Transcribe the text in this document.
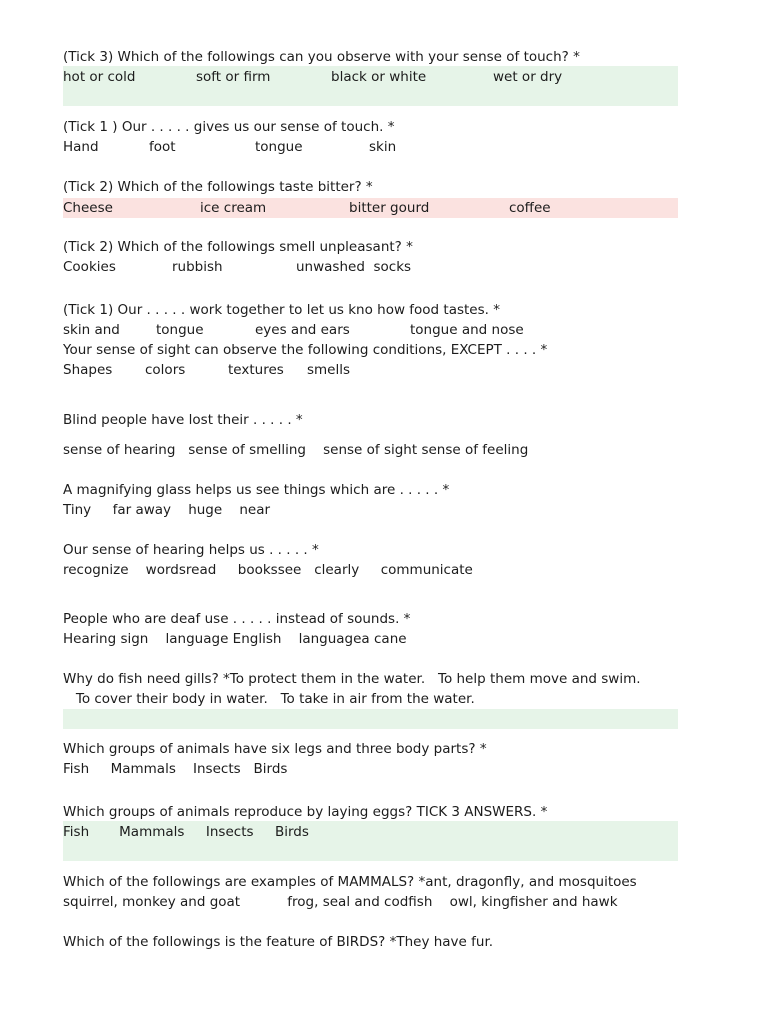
(Tick 3) Which of the followings can you observe with your sense of touch? *

hot or cold

	soft or firm

	black or white

	wet or dry

(Tick 1 ) Our . . . . . gives us our sense of touch. *

Hand

	foot

	tongue

	skin

(Tick 2) Which of the followings taste bitter? *

Cheese

	ice cream

	bitter gourd

	coffee

(Tick 2) Which of the followings smell unpleasant? *

Cookies

	rubbish

	unwashed  socks

(Tick 1) Our . . . . . work together to let us kno how food tastes. *

skin and

	tongue

	eyes and ears

	tongue and nose

Your sense of sight can observe the following conditions, EXCEPT . . . . *

Shapes

colors

	textures

smells

Blind people have lost their . . . . . *
sense of hearing   sense of smelling    sense of sight sense of feeling
A magnifying glass helps us see things which are . . . . . *
Tiny     far away    huge    near
Our sense of hearing helps us . . . . . *
recognize    wordsread     bookssee   clearly     communicate
People who are deaf use . . . . . instead of sounds. *
Hearing sign    language English    languagea cane
Why do fish need gills? *To protect them in the water.   To help them move and swim.
To cover their body in water.   To take in air from the water.
Which groups of animals have six legs and three body parts? *
Fish     Mammals    Insects   Birds
Which groups of animals reproduce by laying eggs? TICK 3 ANSWERS. *
Fish       Mammals     Insects     Birds
Which of the followings are examples of MAMMALS? *ant, dragonfly, and mosquitoes
squirrel, monkey and goat           frog, seal and codfish    owl, kingfisher and hawk
Which of the followings is the feature of BIRDS? *They have fur.
